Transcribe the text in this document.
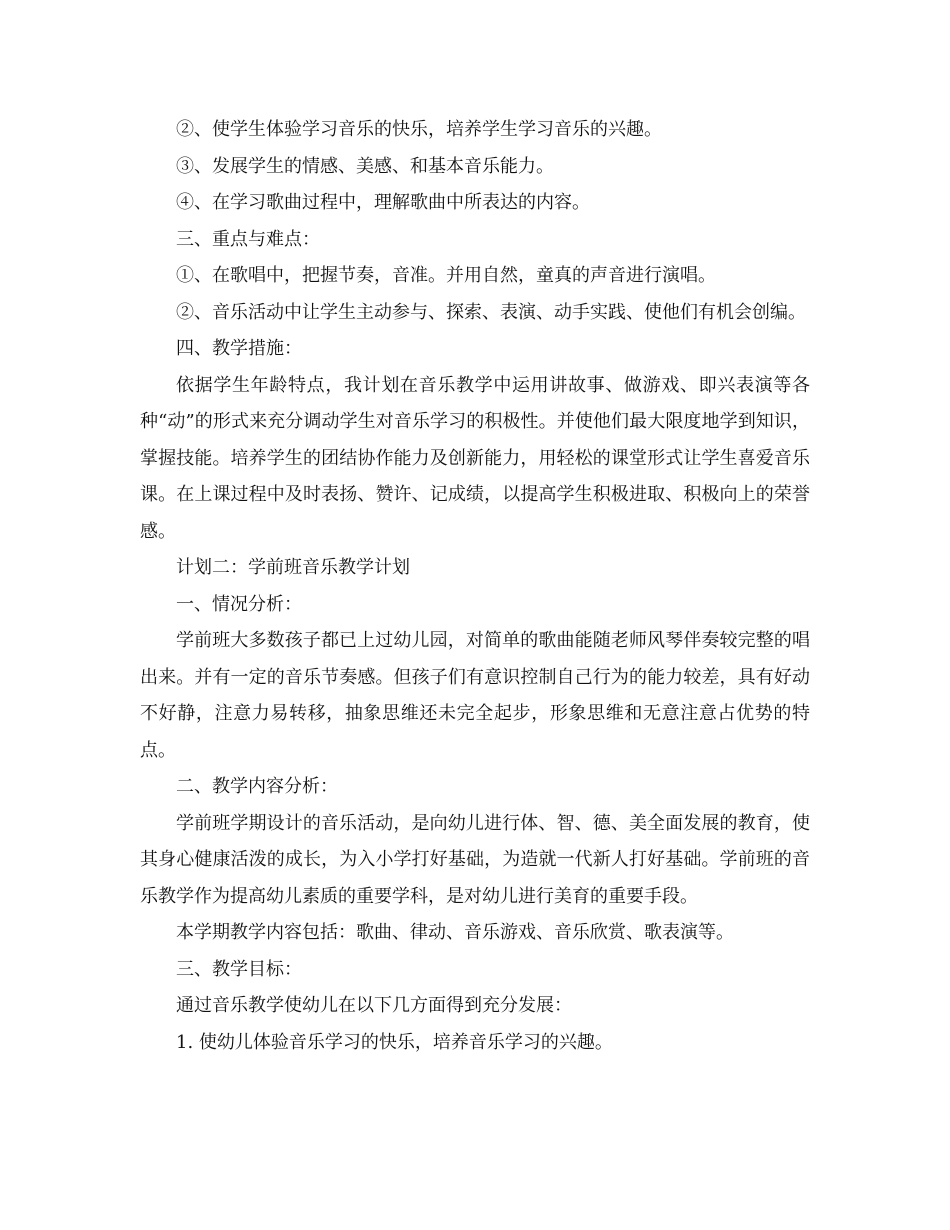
②、使学生体验学习音乐的快乐，培养学生学习音乐的兴趣。

③、发展学生的情感、美感、和基本音乐能力。

④、在学习歌曲过程中，理解歌曲中所表达的内容。

三、重点与难点：

①、在歌唱中，把握节奏，音准。并用自然，童真的声音进行演唱。

②、音乐活动中让学生主动参与、探索、表演、动手实践、使他们有机会创编。

四、教学措施：

依据学生年龄特点，我计划在音乐教学中运用讲故事、做游戏、即兴表演等各种“动”的形式来充分调动学生对音乐学习的积极性。并使他们最大限度地学到知识，掌握技能。培养学生的团结协作能力及创新能力，用轻松的课堂形式让学生喜爱音乐课。在上课过程中及时表扬、赞许、记成绩，以提高学生积极进取、积极向上的荣誉感。

计划二：学前班音乐教学计划

一、情况分析：

学前班大多数孩子都已上过幼儿园，对简单的歌曲能随老师风琴伴奏较完整的唱出来。并有一定的音乐节奏感。但孩子们有意识控制自己行为的能力较差，具有好动不好静，注意力易转移，抽象思维还未完全起步，形象思维和无意注意占优势的特点。

二、教学内容分析：

学前班学期设计的音乐活动，是向幼儿进行体、智、德、美全面发展的教育，使其身心健康活泼的成长，为入小学打好基础，为造就一代新人打好基础。学前班的音乐教学作为提高幼儿素质的重要学科，是对幼儿进行美育的重要手段。

本学期教学内容包括：歌曲、律动、音乐游戏、音乐欣赏、歌表演等。

三、教学目标：

通过音乐教学使幼儿在以下几方面得到充分发展：

1. 使幼儿体验音乐学习的快乐，培养音乐学习的兴趣。
